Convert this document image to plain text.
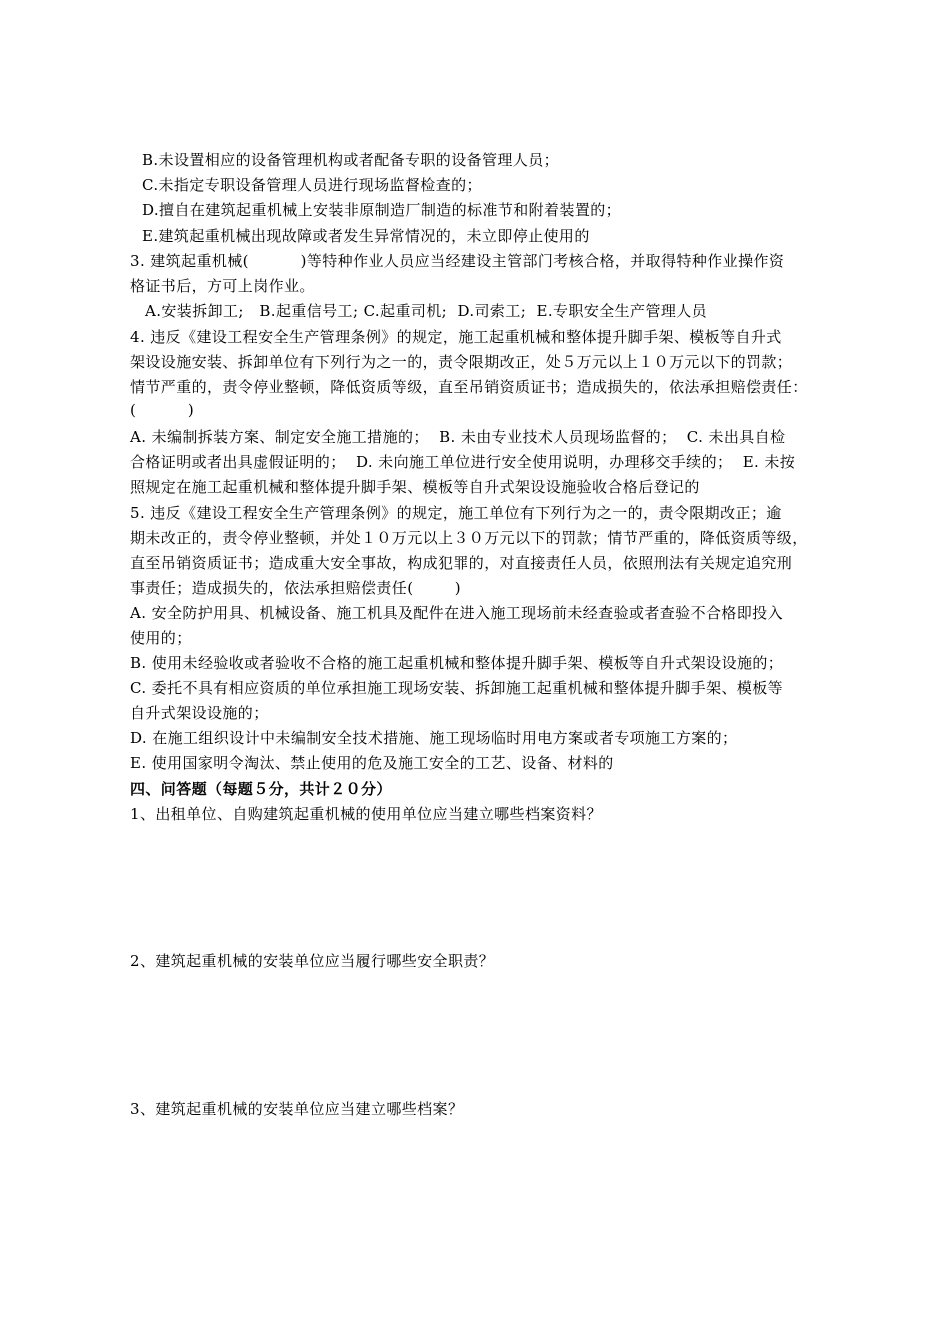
B.未设置相应的设备管理机构或者配备专职的设备管理人员；
C.未指定专职设备管理人员进行现场监督检查的；
D.擅自在建筑起重机械上安装非原制造厂制造的标准节和附着装置的；
E.建筑起重机械出现故障或者发生异常情况的，未立即停止使用的
3. 建筑起重机械(          )等特种作业人员应当经建设主管部门考核合格，并取得特种作业操作资
格证书后，方可上岗作业。
A.安装拆卸工;   B.起重信号工; C.起重司机;  D.司索工;  E.专职安全生产管理人员
4. 违反《建设工程安全生产管理条例》的规定，施工起重机械和整体提升脚手架、模板等自升式
架设设施安装、拆卸单位有下列行为之一的，责令限期改正，处５万元以上１０万元以下的罚款；
情节严重的，责令停业整顿，降低资质等级，直至吊销资质证书；造成损失的，依法承担赔偿责任：
(          )
A. 未编制拆装方案、制定安全施工措施的；  B. 未由专业技术人员现场监督的；  C. 未出具自检
合格证明或者出具虚假证明的；  D. 未向施工单位进行安全使用说明，办理移交手续的；  E. 未按
照规定在施工起重机械和整体提升脚手架、模板等自升式架设设施验收合格后登记的
5. 违反《建设工程安全生产管理条例》的规定，施工单位有下列行为之一的，责令限期改正；逾
期未改正的，责令停业整顿，并处１０万元以上３０万元以下的罚款；情节严重的，降低资质等级，
直至吊销资质证书；造成重大安全事故，构成犯罪的，对直接责任人员，依照刑法有关规定追究刑
事责任；造成损失的，依法承担赔偿责任(        )
A. 安全防护用具、机械设备、施工机具及配件在进入施工现场前未经查验或者查验不合格即投入
使用的；
B. 使用未经验收或者验收不合格的施工起重机械和整体提升脚手架、模板等自升式架设设施的；
C. 委托不具有相应资质的单位承担施工现场安装、拆卸施工起重机械和整体提升脚手架、模板等
自升式架设设施的；
D. 在施工组织设计中未编制安全技术措施、施工现场临时用电方案或者专项施工方案的；
E. 使用国家明令淘汰、禁止使用的危及施工安全的工艺、设备、材料的
四、问答题（每题５分，共计２０分）
1、出租单位、自购建筑起重机械的使用单位应当建立哪些档案资料？
2、建筑起重机械的安装单位应当履行哪些安全职责？
3、建筑起重机械的安装单位应当建立哪些档案？
